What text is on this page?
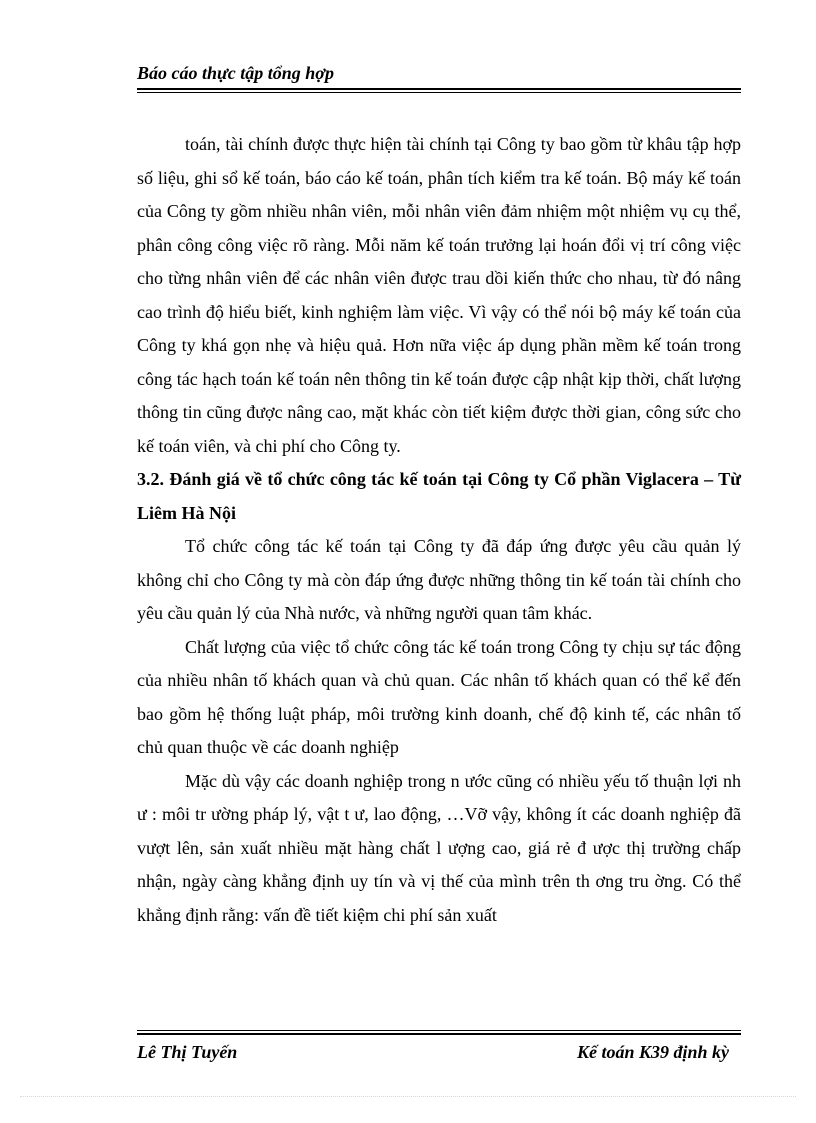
Báo cáo thực tập tổng hợp

toán, tài chính được thực hiện tài chính tại Công ty bao gồm từ khâu tập hợp số liệu, ghi sổ kế toán, báo cáo kế toán, phân tích kiểm tra kế toán. Bộ máy kế toán của Công ty gồm nhiều nhân viên, mỗi nhân viên đảm nhiệm một nhiệm vụ cụ thể, phân công công việc rõ ràng. Mỗi năm kế toán trưởng lại hoán đổi vị trí công việc cho từng nhân viên để các nhân viên được trau dồi kiến thức cho nhau, từ đó nâng cao trình độ hiểu biết, kinh nghiệm làm việc. Vì vậy có thể nói bộ máy kế toán của Công ty khá gọn nhẹ và hiệu quả. Hơn nữa việc áp dụng phần mềm kế toán trong công tác hạch toán kế toán nên thông tin kế toán được cập nhật kịp thời, chất lượng thông tin cũng được nâng cao, mặt khác còn tiết kiệm được thời gian, công sức cho kế toán viên, và chi phí cho Công ty.

3.2. Đánh giá về tổ chức công tác kế toán tại Công ty Cổ phần Viglacera – Từ Liêm Hà Nội

Tổ chức công tác kế toán tại Công ty đã đáp ứng được yêu cầu quản lý không chỉ cho Công ty mà còn đáp ứng được những thông tin kế toán tài chính cho yêu cầu quản lý của Nhà nước, và những người quan tâm khác.

Chất lượng của việc tổ chức công tác kế toán trong Công ty chịu sự tác động của nhiều nhân tố khách quan và chủ quan. Các nhân tố khách quan có thể kể đến bao gồm hệ thống luật pháp, môi trường kinh doanh, chế độ kinh tế, các nhân tố chủ quan thuộc về các doanh nghiệp

Mặc dù vậy các doanh nghiệp trong n ước cũng có nhiều yếu tố thuận lợi nh ư : môi tr ường pháp lý, vật t ư, lao động, …Vỡ vậy, không ít các doanh nghiệp đã vượt lên, sản xuất nhiều mặt hàng chất l ượng cao, giá rẻ đ ược thị trường chấp nhận, ngày càng khẳng định uy tín và vị thế của mình trên th ơng tru ờng. Có thể khẳng định rằng: vấn đề tiết kiệm chi phí sản xuất

Lê Thị Tuyến	Kế toán K39 định kỳ
